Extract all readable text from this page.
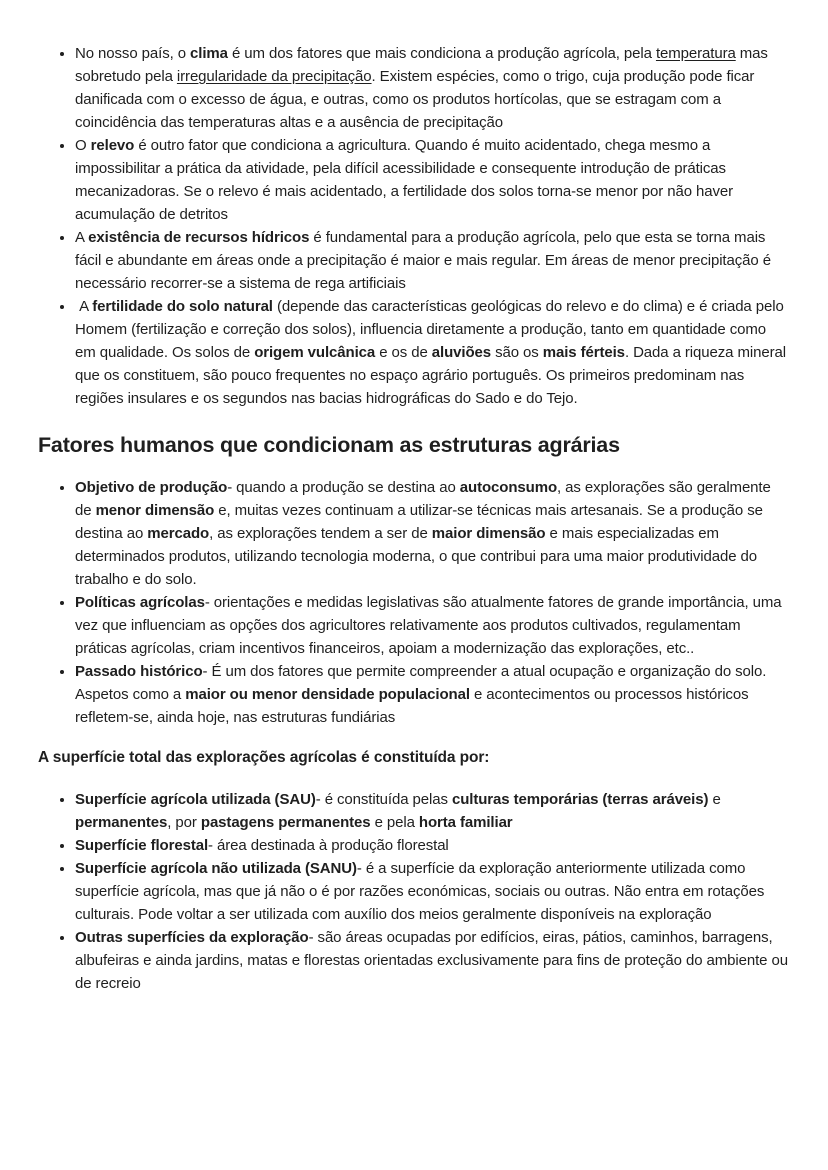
• No nosso país, o clima é um dos fatores que mais condiciona a produção agrícola, pela temperatura mas sobretudo pela irregularidade da precipitação. Existem espécies, como o trigo, cuja produção pode ficar danificada com o excesso de água, e outras, como os produtos hortícolas, que se estragam com a coincidência das temperaturas altas e a ausência de precipitação
• O relevo é outro fator que condiciona a agricultura. Quando é muito acidentado, chega mesmo a impossibilitar a prática da atividade, pela difícil acessibilidade e consequente introdução de práticas mecanizadoras. Se o relevo é mais acidentado, a fertilidade dos solos torna-se menor por não haver acumulação de detritos
• A existência de recursos hídricos é fundamental para a produção agrícola, pelo que esta se torna mais fácil e abundante em áreas onde a precipitação é maior e mais regular. Em áreas de menor precipitação é necessário recorrer-se a sistema de rega artificiais
•  A fertilidade do solo natural (depende das características geológicas do relevo e do clima) e é criada pelo Homem (fertilização e correção dos solos), influencia diretamente a produção, tanto em quantidade como em qualidade. Os solos de origem vulcânica e os de aluviões são os mais férteis. Dada a riqueza mineral que os constituem, são pouco frequentes no espaço agrário português. Os primeiros predominam nas regiões insulares e os segundos nas bacias hidrográficas do Sado e do Tejo.
Fatores humanos que condicionam as estruturas agrárias
• Objetivo de produção- quando a produção se destina ao autoconsumo, as explorações são geralmente de menor dimensão e, muitas vezes continuam a utilizar-se técnicas mais artesanais. Se a produção se destina ao mercado, as explorações tendem a ser de maior dimensão e mais especializadas em determinados produtos, utilizando tecnologia moderna, o que contribui para uma maior produtividade do trabalho e do solo.
• Políticas agrícolas- orientações e medidas legislativas são atualmente fatores de grande importância, uma vez que influenciam as opções dos agricultores relativamente aos produtos cultivados, regulamentam práticas agrícolas, criam incentivos financeiros, apoiam a modernização das explorações, etc..
• Passado histórico- É um dos fatores que permite compreender a atual ocupação e organização do solo. Aspetos como a maior ou menor densidade populacional e acontecimentos ou processos históricos refletem-se, ainda hoje, nas estruturas fundiárias

A superfície total das explorações agrícolas é constituída por:

• Superfície agrícola utilizada (SAU)- é constituída pelas culturas temporárias (terras aráveis) e permanentes, por pastagens permanentes e pela horta familiar
• Superfície florestal- área destinada à produção florestal
• Superfície agrícola não utilizada (SANU)- é a superfície da exploração anteriormente utilizada como superfície agrícola, mas que já não o é por razões económicas, sociais ou outras. Não entra em rotações culturais. Pode voltar a ser utilizada com auxílio dos meios geralmente disponíveis na exploração
• Outras superfícies da exploração- são áreas ocupadas por edifícios, eiras, pátios, caminhos, barragens, albufeiras e ainda jardins, matas e florestas orientadas exclusivamente para fins de proteção do ambiente ou de recreio
